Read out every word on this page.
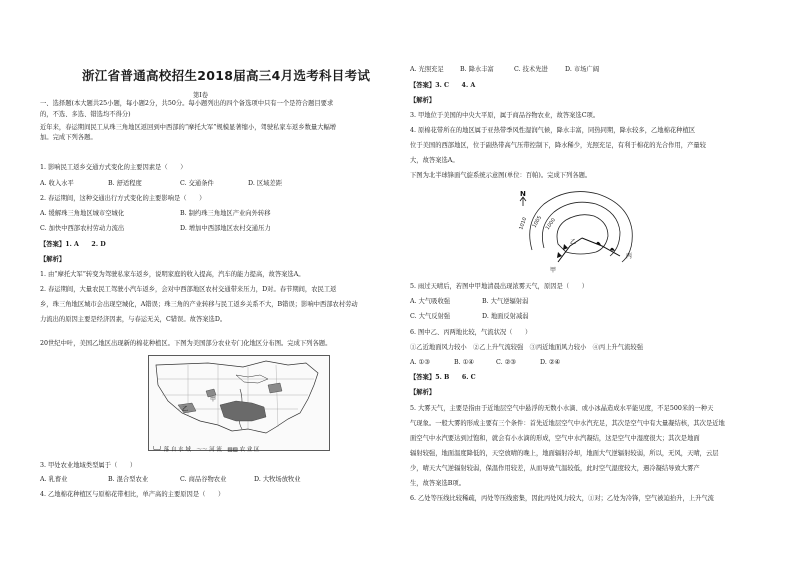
浙江省普通高校招生2018届高三4月选考科目考试
第Ⅰ卷
一、选择题(本大题共25小题，每小题2分，共50分。每小题列出的四个备选项中只有一个是符合题目要求
的，不选、多选、错选均不得分)
近年来，春运期间民工从珠三角地区返回到中西部的“摩托大军”规模显著缩小，驾驶私家车返乡数量大幅增
加。完成下列各题。
1. 影响民工返乡交通方式变化的主要因素是（　　）
A. 收入水平	B. 舒适程度	C. 交通条件	D. 区域差距
2. 春运期间，这种交通出行方式变化的主要影响是（　　）
A. 缓解珠三角地区城市空城化	B. 制约珠三角地区产业向外转移
C. 加快中西部农村劳动力流出	D. 增加中西部地区农村交通压力
【答案】1. A　　2. D
【解析】
1. 由“摩托大军”转变为驾驶私家车返乡，说明家庭的收入提高，汽车的能力提高，故答案选A。
2. 春运期间，大量农民工驾驶小汽车返乡，会对中西部地区农村交通带来压力，D对。春节期间，农民工返
乡，珠三角地区城市会出现空城化，A错误；珠三角的产业转移与民工返乡关系不大，B错误；影响中西部农村劳动
力流出的原因主要是经济因素，与春运无关，C错误。故答案选D。
20世纪中叶，美国乙地区出现新的棉花种植区。下图为美国部分农业专门化地区分布图。完成下列各题。
甲
乙
└─┘ 落 自 水 域　～～ 河 流　▨▨ 农 业 区
3. 甲处农业地域类型属于（　　）
A. 乳畜业	B. 混合型农业	C. 商品谷物农业	D. 大牧场放牧业
4. 乙地棉花种植区与原棉花带相比，单产高的主要原因是（　　）
A. 光照充足	B. 降水丰富	C. 技术先进	D. 市场广阔
【答案】3. C　　4. A
【解析】
3. 甲地位于美国的中央大平原，属于商品谷物农业，故答案选C项。
4. 原棉花带所在的地区属于亚热带季风性湿润气候，降水丰富，同热同期，降水较多，乙地棉花种植区
位于美国的西部地区，位于副热带高气压带控制下，降水稀少，光照充足，有利于棉花的光合作用，产量较
大，故答案选A。
下图为北半球锋面气旋系统示意图(单位：百帕)。完成下列各题。
N
1010 1005 1000
丙
乙
甲
5. 雨过天晴后，若图中甲地清晨出现浓雾天气，原因是（　　）
A. 大气吸收强	B. 大气逆辐射弱
C. 大气反射强	D. 地面反射减弱
6. 图中乙、丙两地比较，气流状况（　　）
①乙近地面风力较小　②乙上升气流较强　③丙近地面风力较小　④丙上升气流较强
A. ①③	B. ①④	C. ②③	D. ②④
【答案】5. B　　6. C
【解析】
5. 大雾天气，主要是指由于近地层空气中悬浮的无数小水滴、或小冰晶造成水平能见度，不足500米的一种天
气现象。一般大雾的形成主要有三个条件：首先近地层空气中水汽充足，其次是空气中有大量凝结核，其次是近地
面空气中水汽要达到过饱和，就会有小水滴的形成，空气中水汽凝结，这是空气中湿度很大；其次是地面
辐射较强，地面温度降低的，天空放晴的晚上，地面辐射冷却，地面大气逆辐射较弱，所以，无风，天晴，云层
少，晴天大气逆辐射较弱，保温作用较差，从而导致气温较低，此时空气湿度较大，遇冷凝结导致大雾产
生，故答案选B项。
6. 乙处等压线比较稀疏，丙处等压线密集，因此丙处风力较大，①对；乙处为冷锋，空气被迫抬升，上升气流
